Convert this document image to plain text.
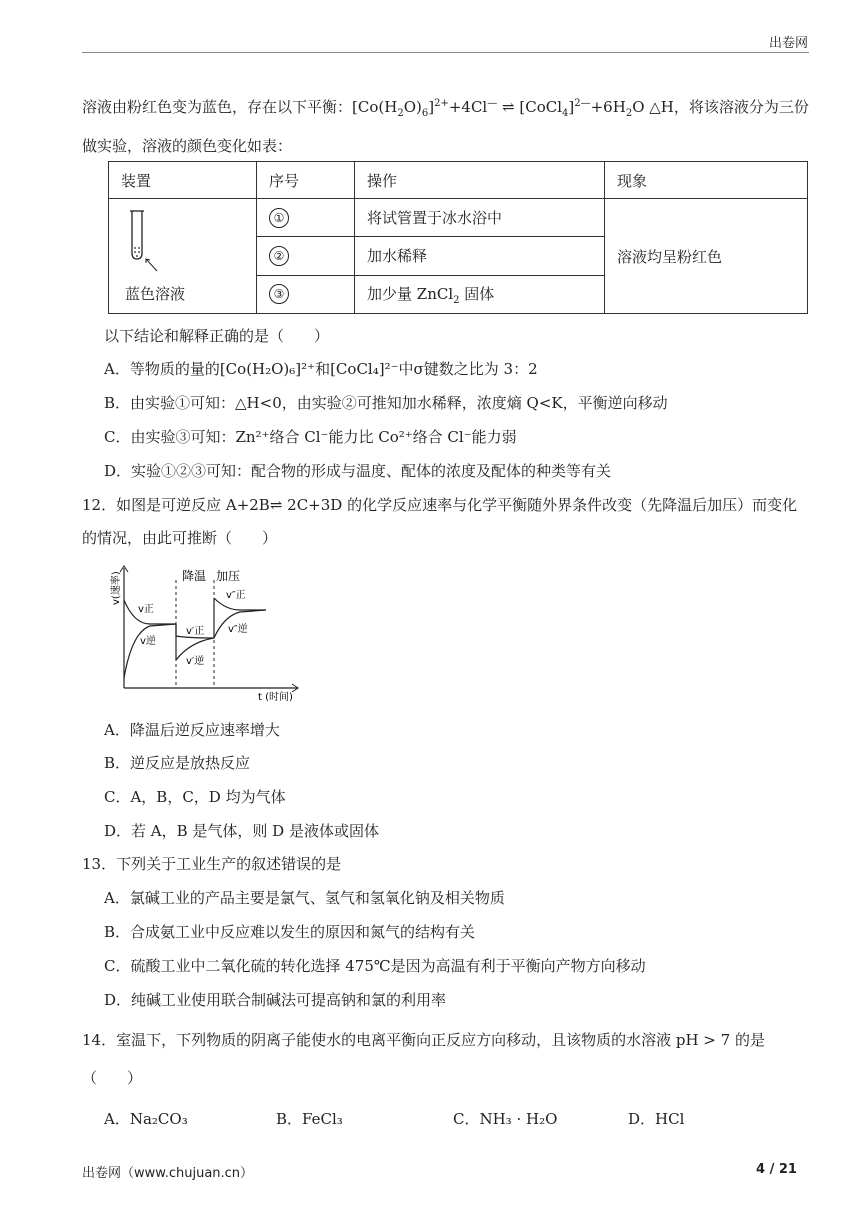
出卷网
溶液由粉红色变为蓝色，存在以下平衡：$[Co(H_2O)_6]^{2+}+4Cl^—$ ⇌ $[CoCl_4]^{2—}+6H_2O$ △H，将该溶液分为三份
做实验，溶液的颜色变化如表：
装置	序号	操作	现象

蓝色溶液	①	将试管置于冰水浴中	溶液均呈粉红色
	②	加水稀释	
	③	加少量 ZnCl$_2$ 固体	
以下结论和解释正确的是（　　）
A．等物质的量的[Co(H₂O)₆]²⁺和[CoCl₄]²⁻中σ键数之比为 3：2
B．由实验①可知：△H<0，由实验②可推知加水稀释，浓度熵 Q<K，平衡逆向移动
C．由实验③可知：Zn²⁺络合 Cl⁻能力比 Co²⁺络合 Cl⁻能力弱
D．实验①②③可知：配合物的形成与温度、配体的浓度及配体的种类等有关
12．如图是可逆反应 A+2B⇌ 2C+3D 的化学反应速率与化学平衡随外界条件改变（先降温后加压）而变化
的情况，由此可推断（　　）
v(速率)
t (时间)
降温 加压
v正
v逆
v′正
v′逆
v″正
v″逆
A．降温后逆反应速率增大
B．逆反应是放热反应
C．A，B，C，D 均为气体
D．若 A，B 是气体，则 D 是液体或固体
13．下列关于工业生产的叙述错误的是
A．氯碱工业的产品主要是氯气、氢气和氢氧化钠及相关物质
B．合成氨工业中反应难以发生的原因和氮气的结构有关
C．硫酸工业中二氧化硫的转化选择 475℃是因为高温有利于平衡向产物方向移动
D．纯碱工业使用联合制碱法可提高钠和氯的利用率
14．室温下，下列物质的阴离子能使水的电离平衡向正反应方向移动，且该物质的水溶液 pH > 7 的是
（　　）
A．Na₂CO₃	B．FeCl₃	C．NH₃ · H₂O	D．HCl
出卷网（www.chujuan.cn）	4 / 21
